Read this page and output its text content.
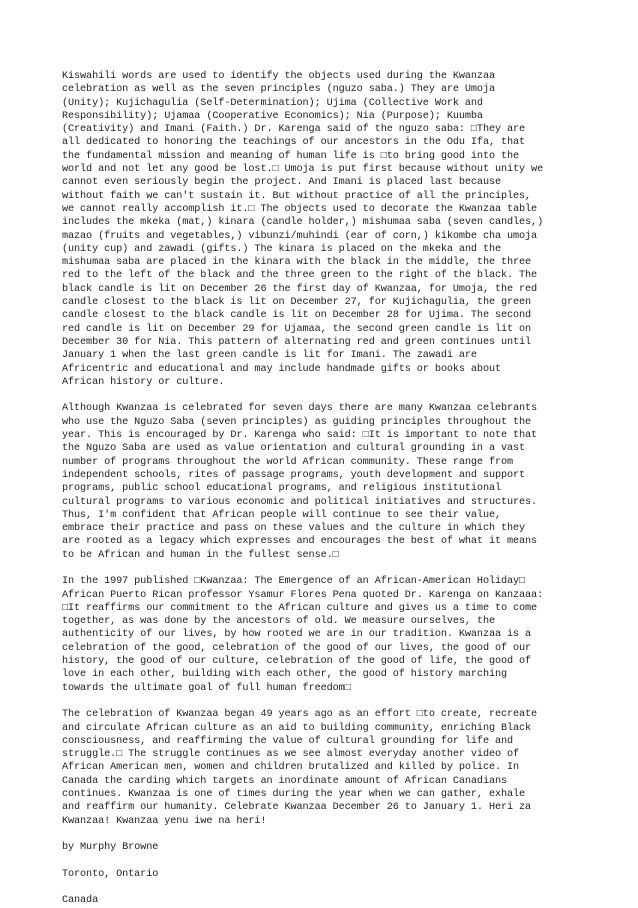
Kiswahili words are used to identify the objects used during the Kwanzaa
celebration as well as the seven principles (nguzo saba.) They are Umoja
(Unity); Kujichagulia (Self-Determination); Ujima (Collective Work and
Responsibility); Ujamaa (Cooperative Economics); Nia (Purpose); Kuumba
(Creativity) and Imani (Faith.) Dr. Karenga said of the nguzo saba: □They are
all dedicated to honoring the teachings of our ancestors in the Odu Ifa, that
the fundamental mission and meaning of human life is □to bring good into the
world and not let any good be lost.□ Umoja is put first because without unity we
cannot even seriously begin the project. And Imani is placed last because
without faith we can't sustain it. But without practice of all the principles,
we cannot really accomplish it.□ The objects used to decorate the Kwanzaa table
includes the mkeka (mat,) kinara (candle holder,) mishumaa saba (seven candles,)
mazao (fruits and vegetables,) vibunzi/muhindi (ear of corn,) kikombe cha umoja
(unity cup) and zawadi (gifts.) The kinara is placed on the mkeka and the
mishumaa saba are placed in the kinara with the black in the middle, the three
red to the left of the black and the three green to the right of the black. The
black candle is lit on December 26 the first day of Kwanzaa, for Umoja, the red
candle closest to the black is lit on December 27, for Kujichagulia, the green
candle closest to the black candle is lit on December 28 for Ujima. The second
red candle is lit on December 29 for Ujamaa, the second green candle is lit on
December 30 for Nia. This pattern of alternating red and green continues until
January 1 when the last green candle is lit for Imani. The zawadi are
Africentric and educational and may include handmade gifts or books about
African history or culture.

Although Kwanzaa is celebrated for seven days there are many Kwanzaa celebrants
who use the Nguzo Saba (seven principles) as guiding principles throughout the
year. This is encouraged by Dr. Karenga who said: □It is important to note that
the Nguzo Saba are used as value orientation and cultural grounding in a vast
number of programs throughout the world African community. These range from
independent schools, rites of passage programs, youth development and support
programs, public school educational programs, and religious institutional
cultural programs to various economic and political initiatives and structures.
Thus, I'm confident that African people will continue to see their value,
embrace their practice and pass on these values and the culture in which they
are rooted as a legacy which expresses and encourages the best of what it means
to be African and human in the fullest sense.□

In the 1997 published □Kwanzaa: The Emergence of an African-American Holiday□
African Puerto Rican professor Ysamur Flores Pena quoted Dr. Karenga on Kanzaaa:
□It reaffirms our commitment to the African culture and gives us a time to come
together, as was done by the ancestors of old. We measure ourselves, the
authenticity of our lives, by how rooted we are in our tradition. Kwanzaa is a
celebration of the good, celebration of the good of our lives, the good of our
history, the good of our culture, celebration of the good of life, the good of
love in each other, building with each other, the good of history marching
towards the ultimate goal of full human freedom□

The celebration of Kwanzaa began 49 years ago as an effort □to create, recreate
and circulate African culture as an aid to building community, enriching Black
consciousness, and reaffirming the value of cultural grounding for life and
struggle.□ The struggle continues as we see almost everyday another video of
African American men, women and children brutalized and killed by police. In
Canada the carding which targets an inordinate amount of African Canadians
continues. Kwanzaa is one of times during the year when we can gather, exhale
and reaffirm our humanity. Celebrate Kwanzaa December 26 to January 1. Heri za
Kwanzaa! Kwanzaa yenu iwe na heri!

by Murphy Browne

Toronto, Ontario

Canada
